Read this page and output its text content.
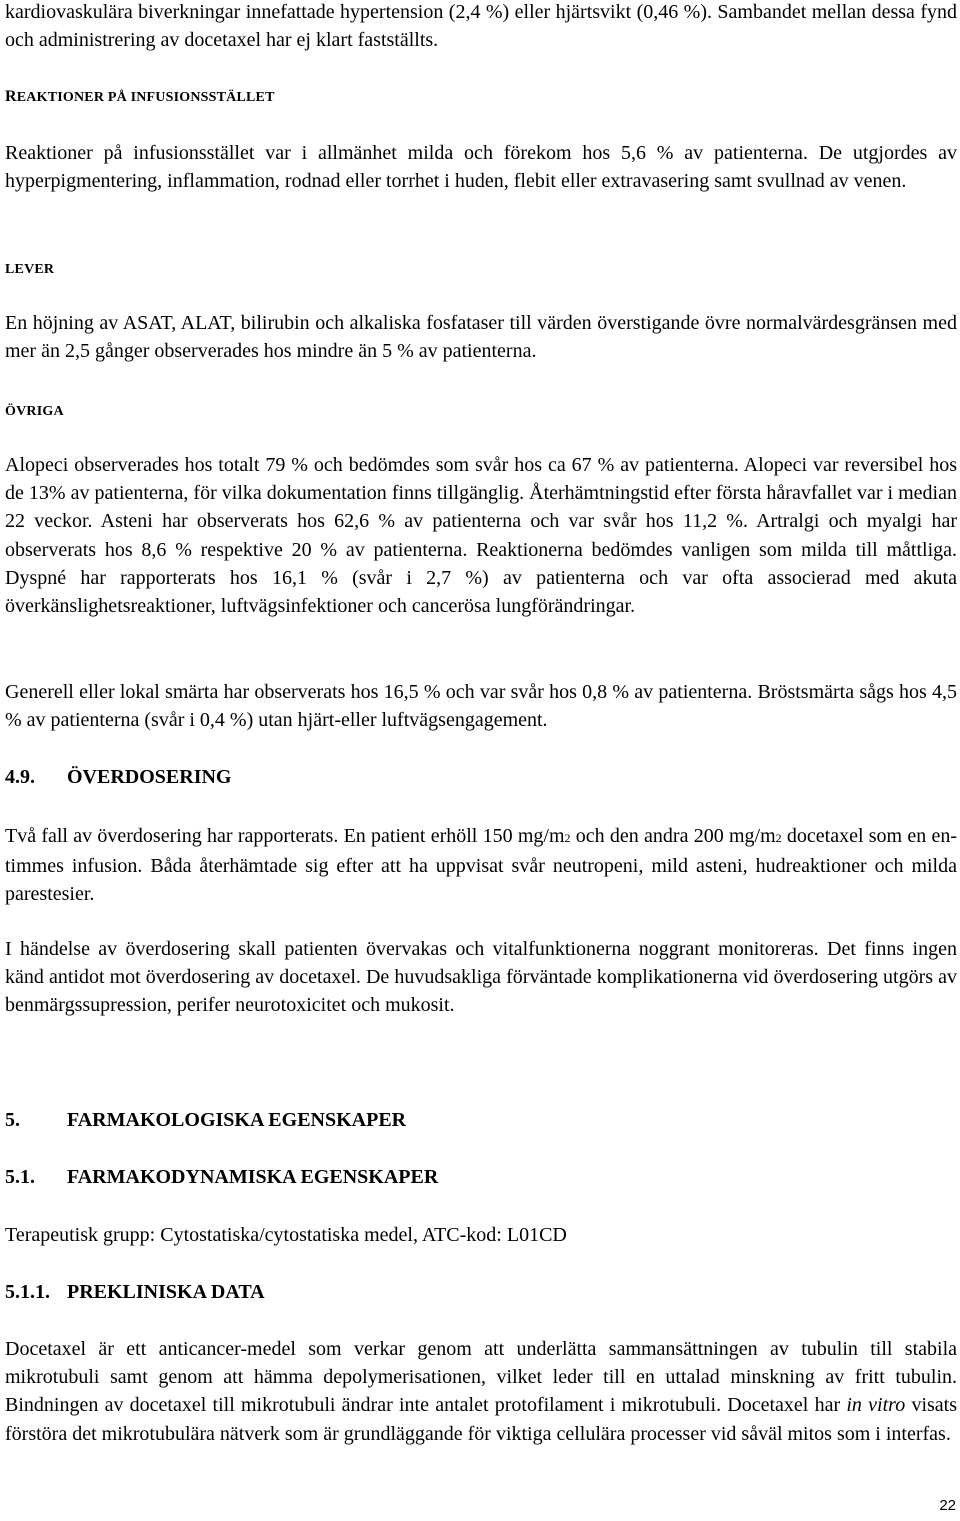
kardiovaskulära biverkningar innefattade hypertension (2,4 %) eller hjärtsvikt (0,46 %). Sambandet mellan dessa fynd och administrering av docetaxel har ej klart fastställts.

REAKTIONER PÅ INFUSIONSSTÄLLET

Reaktioner på infusionsstället var i allmänhet milda och förekom hos 5,6 % av patienterna. De utgjordes av hyperpigmentering, inflammation, rodnad eller torrhet i huden, flebit eller extravasering samt svullnad av venen.

LEVER

En höjning av ASAT, ALAT, bilirubin och alkaliska fosfataser till värden överstigande övre normalvärdesgränsen med mer än 2,5 gånger observerades hos mindre än 5 % av patienterna.

ÖVRIGA

Alopeci observerades hos totalt 79 % och bedömdes som svår hos ca 67 % av patienterna. Alopeci var reversibel hos de 13% av patienterna, för vilka dokumentation finns tillgänglig. Återhämtningstid efter första håravfallet var i median 22 veckor. Asteni har observerats hos 62,6 % av patienterna och var svår hos 11,2 %. Artralgi och myalgi har observerats hos 8,6 % respektive 20 % av patienterna. Reaktionerna bedömdes vanligen som milda till måttliga. Dyspné har rapporterats hos 16,1 % (svår i 2,7 %) av patienterna och var ofta associerad med akuta överkänslighetsreaktioner, luftvägsinfektioner och cancerösa lungförändringar.

Generell eller lokal smärta har observerats hos 16,5 % och var svår hos 0,8 % av patienterna. Bröstsmärta sågs hos 4,5 % av patienterna (svår i 0,4 %) utan hjärt-eller luftvägsengagement.

4.9. ÖVERDOSERING

Två fall av överdosering har rapporterats. En patient erhöll 150 mg/m2 och den andra 200 mg/m2 docetaxel som en en-timmes infusion. Båda återhämtade sig efter att ha uppvisat svår neutropeni, mild asteni, hudreaktioner och milda parestesier.

I händelse av överdosering skall patienten övervakas och vitalfunktionerna noggrant monitoreras. Det finns ingen känd antidot mot överdosering av docetaxel. De huvudsakliga förväntade komplikationerna vid överdosering utgörs av benmärgssupression, perifer neurotoxicitet och mukosit.

5. FARMAKOLOGISKA EGENSKAPER

5.1. FARMAKODYNAMISKA EGENSKAPER

Terapeutisk grupp: Cytostatiska/cytostatiska medel, ATC-kod: L01CD

5.1.1. PREKLINISKA DATA

Docetaxel är ett anticancer-medel som verkar genom att underlätta sammansättningen av tubulin till stabila mikrotubuli samt genom att hämma depolymerisationen, vilket leder till en uttalad minskning av fritt tubulin. Bindningen av docetaxel till mikrotubuli ändrar inte antalet protofilament i mikrotubuli. Docetaxel har in vitro visats förstöra det mikrotubulära nätverk som är grundläggande för viktiga cellulära processer vid såväl mitos som i interfas.

22
